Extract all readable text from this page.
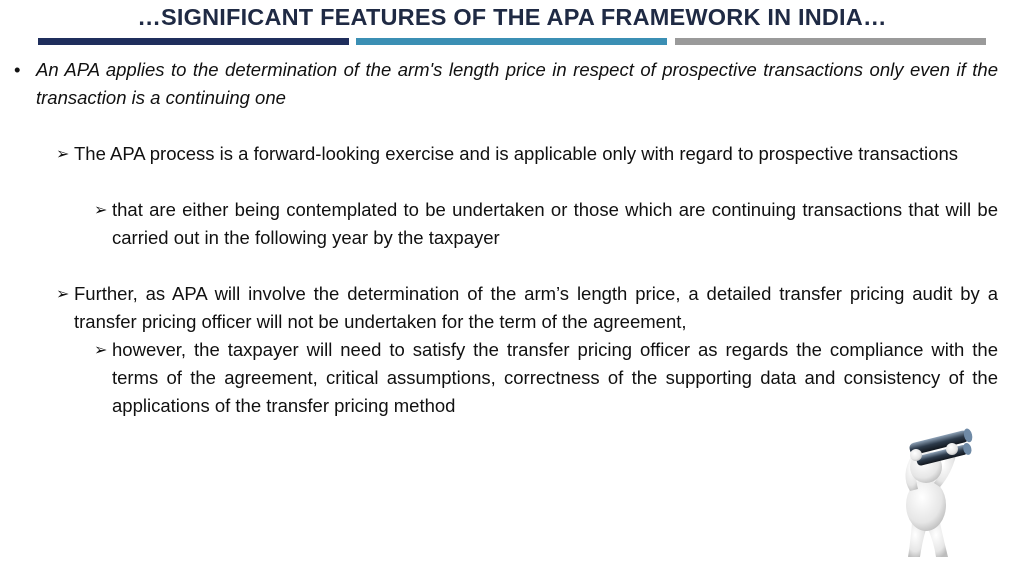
…SIGNIFICANT FEATURES OF THE APA FRAMEWORK IN INDIA…
• An APA applies to the determination of the arm's length price in respect of prospective transactions only even if the transaction is a continuing one
➢ The APA process is a forward-looking exercise and is applicable only with regard to prospective transactions
➢ that are either being contemplated to be undertaken or those which are continuing transactions that will be carried out in the following year by the taxpayer
➢ Further, as APA will involve the determination of the arm’s length price, a detailed transfer pricing audit by a transfer pricing officer will not be undertaken for the term of the agreement,
➢ however, the taxpayer will need to satisfy the transfer pricing officer as regards the compliance with the terms of the agreement, critical assumptions, correctness of the supporting data and consistency of the applications of the transfer pricing method
